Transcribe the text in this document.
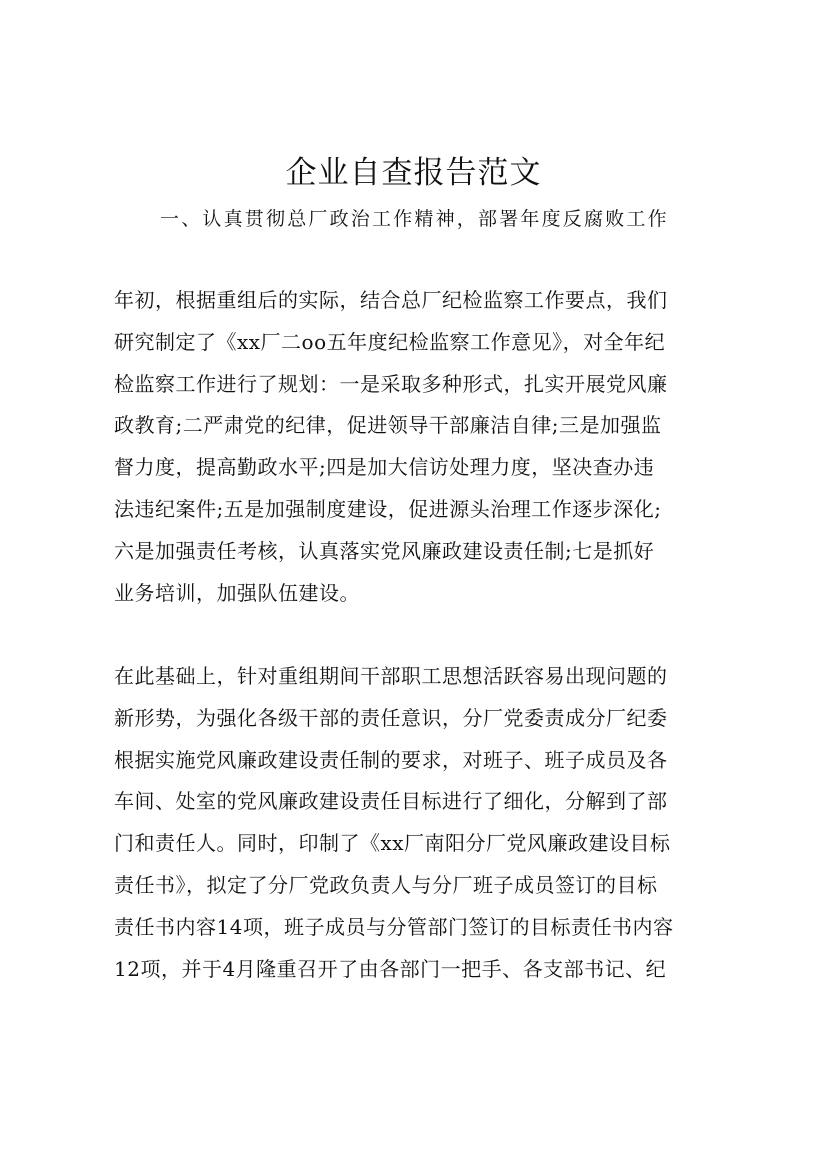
企业自查报告范文
一、认真贯彻总厂政治工作精神，部署年度反腐败工作
年初，根据重组后的实际，结合总厂纪检监察工作要点，我们
研究制定了《xx厂二oo五年度纪检监察工作意见》，对全年纪
检监察工作进行了规划：一是采取多种形式，扎实开展党风廉
政教育;二严肃党的纪律，促进领导干部廉洁自律;三是加强监
督力度，提高勤政水平;四是加大信访处理力度，坚决查办违
法违纪案件;五是加强制度建设，促进源头治理工作逐步深化;
六是加强责任考核，认真落实党风廉政建设责任制;七是抓好
业务培训，加强队伍建设。
在此基础上，针对重组期间干部职工思想活跃容易出现问题的
新形势，为强化各级干部的责任意识，分厂党委责成分厂纪委
根据实施党风廉政建设责任制的要求，对班子、班子成员及各
车间、处室的党风廉政建设责任目标进行了细化，分解到了部
门和责任人。同时，印制了《xx厂南阳分厂党风廉政建设目标
责任书》，拟定了分厂党政负责人与分厂班子成员签订的目标
责任书内容14项，班子成员与分管部门签订的目标责任书内容
12项，并于4月隆重召开了由各部门一把手、各支部书记、纪
